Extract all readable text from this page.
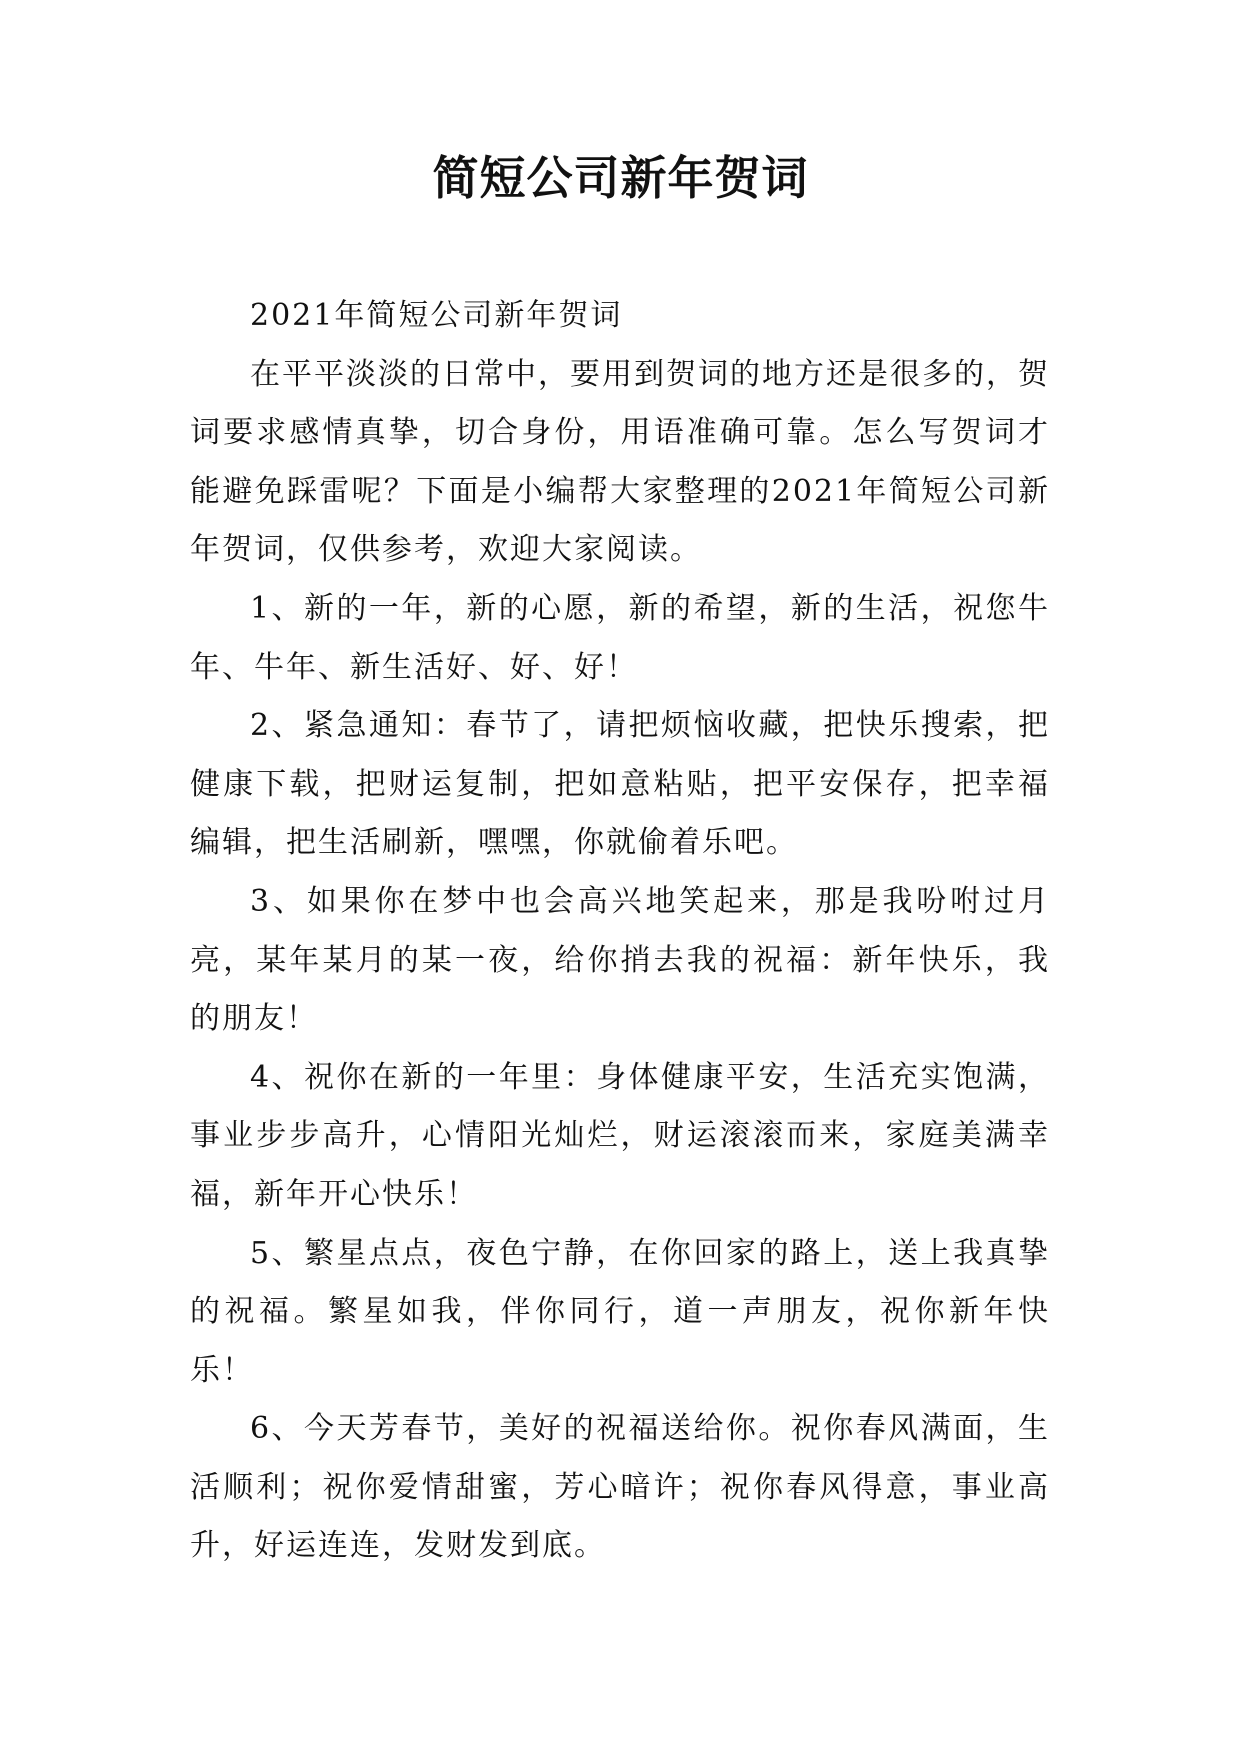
简短公司新年贺词

2021年简短公司新年贺词

在平平淡淡的日常中，要用到贺词的地方还是很多的，贺词要求感情真挚，切合身份，用语准确可靠。怎么写贺词才能避免踩雷呢？下面是小编帮大家整理的2021年简短公司新年贺词，仅供参考，欢迎大家阅读。

1、新的一年，新的心愿，新的希望，新的生活，祝您牛年、牛年、新生活好、好、好！

2、紧急通知：春节了，请把烦恼收藏，把快乐搜索，把健康下载，把财运复制，把如意粘贴，把平安保存，把幸福编辑，把生活刷新，嘿嘿，你就偷着乐吧。

3、如果你在梦中也会高兴地笑起来，那是我吩咐过月亮，某年某月的某一夜，给你捎去我的祝福：新年快乐，我的朋友！

4、祝你在新的一年里：身体健康平安，生活充实饱满，事业步步高升，心情阳光灿烂，财运滚滚而来，家庭美满幸福，新年开心快乐！

5、繁星点点，夜色宁静，在你回家的路上，送上我真挚的祝福。繁星如我，伴你同行，道一声朋友，祝你新年快乐！

6、今天芳春节，美好的祝福送给你。祝你春风满面，生活顺利；祝你爱情甜蜜，芳心暗许；祝你春风得意，事业高升，好运连连，发财发到底。
